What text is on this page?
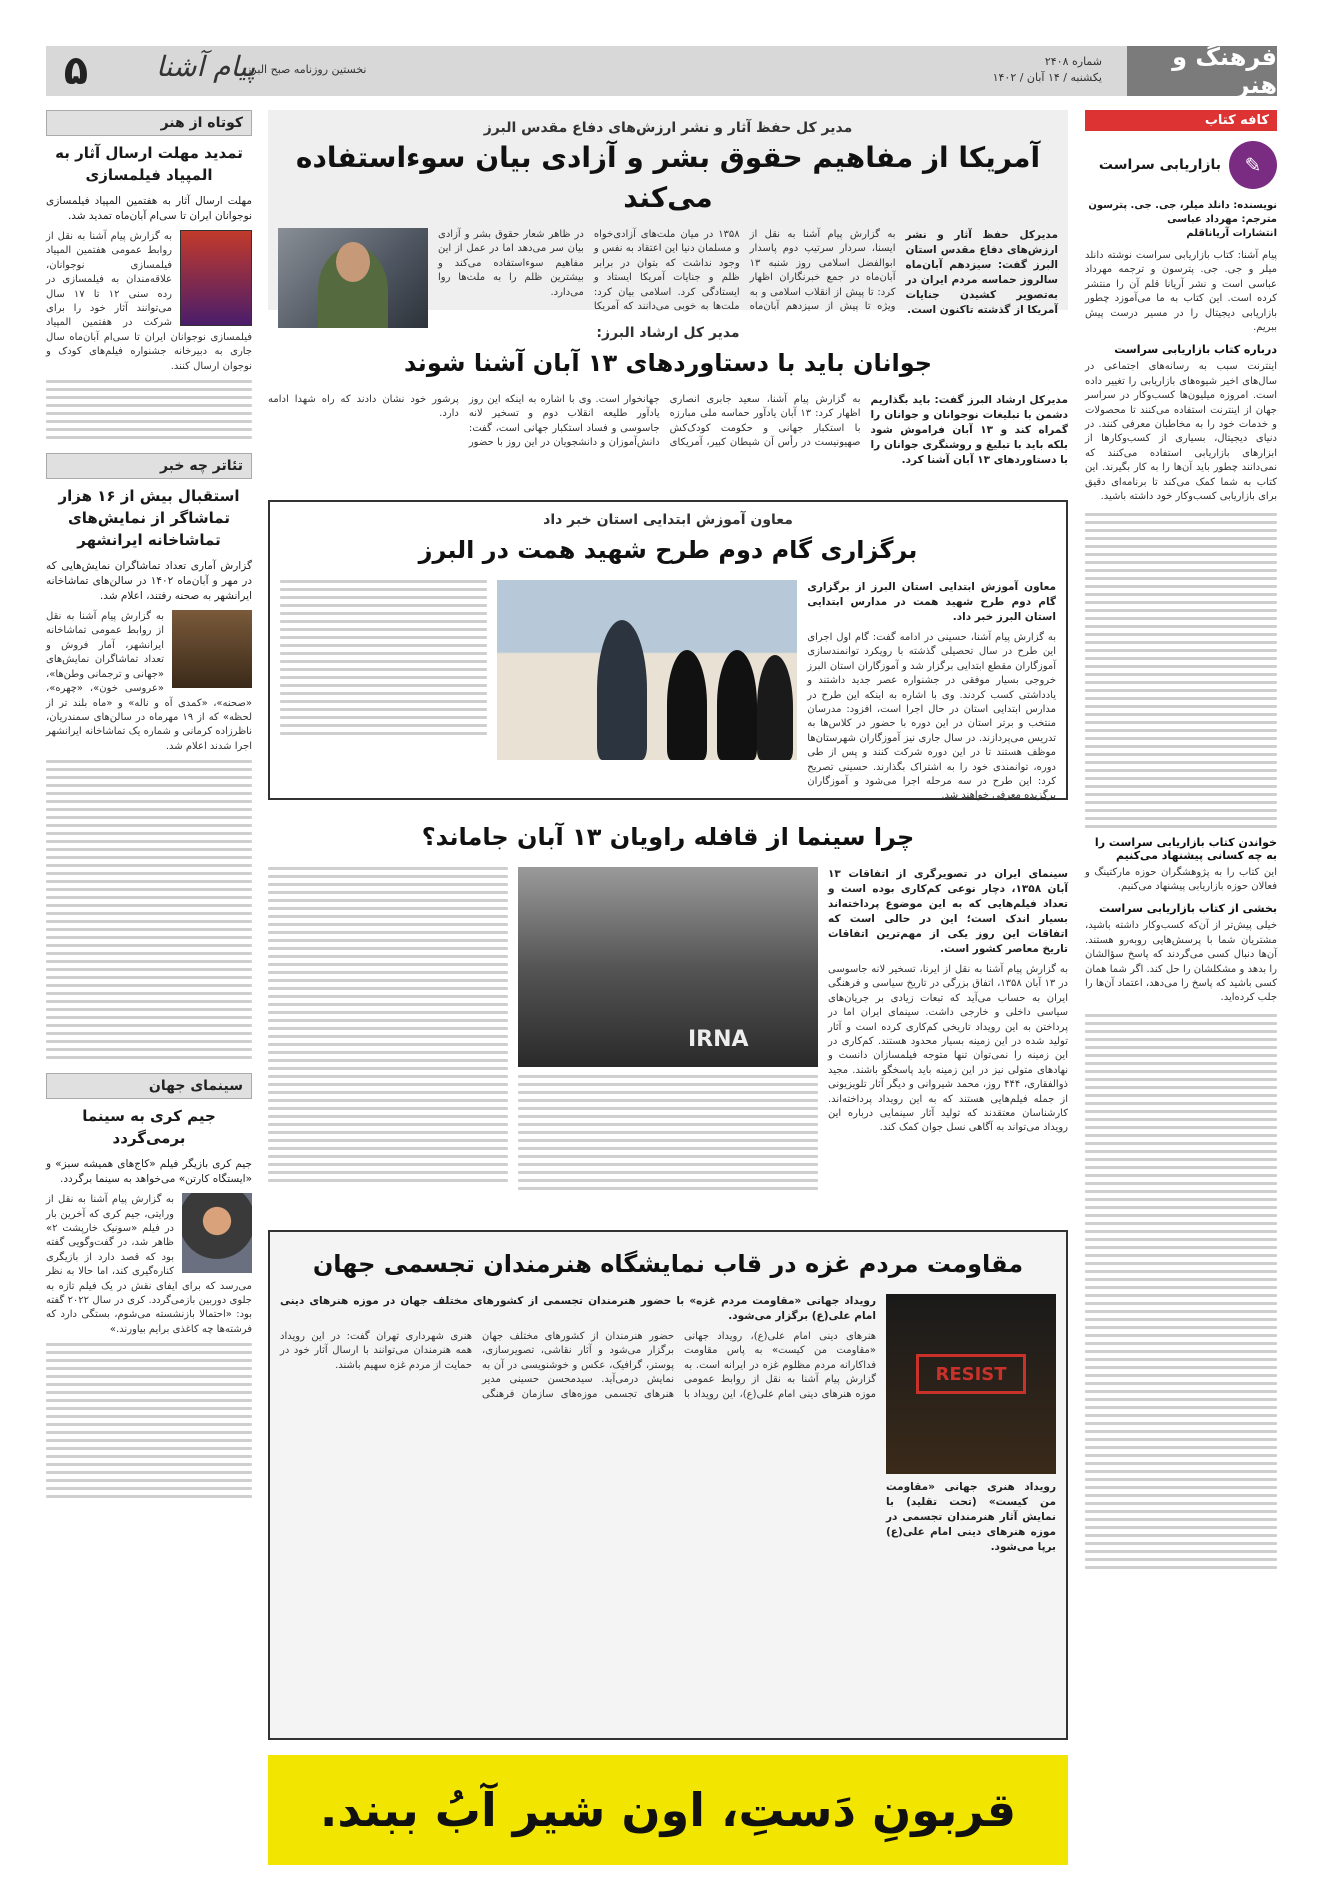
فرهنگ و هنر
شماره ۲۴۰۸
یکشنبه / ۱۴ آبان / ۱۴۰۲
نخستین روزنامه صبح البرز
پیام آشنا
۵
کافه کتاب
✎
بازاریابی سراست
نویسنده: دانلد میلر، جی. جی. پترسون
مترجم: مهرداد عباسی
انتشارات آریاناقلم

پیام آشنا: کتاب بازاریابی سراست نوشته دانلد میلر و جی. جی. پترسون و ترجمه مهرداد عباسی است و نشر آریانا قلم آن را منتشر کرده است. این کتاب به ما می‌آموزد چطور بازاریابی دیجیتال را در مسیر درست پیش ببریم.

درباره کتاب بازاریابی سراست

اینترنت سبب به رسانه‌های اجتماعی در سال‌های اخیر شیوه‌های بازاریابی را تغییر داده است. امروزه میلیون‌ها کسب‌وکار در سراسر جهان از اینترنت استفاده می‌کنند تا محصولات و خدمات خود را به مخاطبان معرفی کنند. در دنیای دیجیتال، بسیاری از کسب‌وکارها از ابزارهای بازاریابی استفاده می‌کنند که نمی‌دانند چطور باید آن‌ها را به کار بگیرند. این کتاب به شما کمک می‌کند تا برنامه‌ای دقیق برای بازاریابی کسب‌وکار خود داشته باشید.

خواندن کتاب بازاریابی سراست را به چه کسانی پیشنهاد می‌کنیم

این کتاب را به پژوهشگران حوزه مارکتینگ و فعالان حوزه بازاریابی پیشنهاد می‌کنیم.

بخشی از کتاب بازاریابی سراست

خیلی پیش‌تر از آن‌که کسب‌وکار داشته باشید، مشتریان شما با پرسش‌هایی روبه‌رو هستند. آن‌ها دنبال کسی می‌گردند که پاسخ سؤالشان را بدهد و مشکلشان را حل کند. اگر شما همان کسی باشید که پاسخ را می‌دهد، اعتماد آن‌ها را جلب کرده‌اید.

کوتاه از هنر
تمدید مهلت ارسال آثار به المپیاد فیلمسازی

مهلت ارسال آثار به هفتمین المپیاد فیلمسازی نوجوانان ایران تا سی‌ام آبان‌ماه تمدید شد.

به گزارش پیام آشنا به نقل از روابط عمومی هفتمین المپیاد فیلمسازی نوجوانان، علاقه‌مندان به فیلمسازی در رده سنی ۱۲ تا ۱۷ سال می‌توانند آثار خود را برای شرکت در هفتمین المپیاد فیلمسازی نوجوانان ایران تا سی‌ام آبان‌ماه سال جاری به دبیرخانه جشنواره فیلم‌های کودک و نوجوان ارسال کنند.

تئاتر چه خبر
استقبال بیش از ۱۶ هزار تماشاگر از نمایش‌های تماشاخانه ایرانشهر

گزارش آماری تعداد تماشاگران نمایش‌هایی که در مهر و آبان‌ماه ۱۴۰۲ در سالن‌های تماشاخانه ایرانشهر به صحنه رفتند، اعلام شد.

به گزارش پیام آشنا به نقل از روابط عمومی تماشاخانه ایرانشهر، آمار فروش و تعداد تماشاگران نمایش‌های «جهانی و ترجمانی وطن‌ها»، «عروسی خون»، «چهره»، «صحنه»، «کمدی آه و ناله» و «ماه بلند تر از لحظه» که از ۱۹ مهرماه در سالن‌های سمندریان، ناظرزاده کرمانی و شماره یک تماشاخانه ایرانشهر اجرا شدند اعلام شد.

سینمای جهان
جیم کری به سینما برمی‌گردد

جیم کری بازیگر فیلم «کاج‌های همیشه سبز» و «ایستگاه کارتن» می‌خواهد به سینما برگردد.

به گزارش پیام آشنا به نقل از ورایتی، جیم کری که آخرین بار در فیلم «سونیک خارپشت ۲» ظاهر شد، در گفت‌وگویی گفته بود که قصد دارد از بازیگری کناره‌گیری کند، اما حالا به نظر می‌رسد که برای ایفای نقش در یک فیلم تازه به جلوی دوربین بازمی‌گردد. کری در سال ۲۰۲۲ گفته بود: «احتمالا بازنشسته می‌شوم، بستگی دارد که فرشته‌ها چه کاغذی برایم بیاورند.»

مدیر کل حفظ آثار و نشر ارزش‌های دفاع مقدس البرز
آمریکا از مفاهیم حقوق بشر و آزادی بیان سوءاستفاده می‌کند

مدیرکل حفظ آثار و نشر ارزش‌های دفاع مقدس استان البرز گفت: سیزدهم آبان‌ماه سالروز حماسه مردم ایران در به‌تصویر کشیدن جنایات آمریکا از گذشته تاکنون است.

به گزارش پیام آشنا به نقل از ایسنا، سردار سرتیپ دوم پاسدار ابوالفضل اسلامی روز شنبه ۱۳ آبان‌ماه در جمع خبرنگاران اظهار کرد: تا پیش از انقلاب اسلامی و به ویژه تا پیش از سیزدهم آبان‌ماه ۱۳۵۸ در میان ملت‌های آزادی‌خواه و مسلمان دنیا این اعتقاد به نفس و وجود نداشت که بتوان در برابر ظلم و جنایات آمریکا ایستاد و ایستادگی کرد. اسلامی بیان کرد: ملت‌ها به خوبی می‌دانند که آمریکا در ظاهر شعار حقوق بشر و آزادی بیان سر می‌دهد اما در عمل از این مفاهیم سوءاستفاده می‌کند و بیشترین ظلم را به ملت‌ها روا می‌دارد.

مدیر کل ارشاد البرز:
جوانان باید با دستاوردهای ۱۳ آبان آشنا شوند

مدیرکل ارشاد البرز گفت: باید بگذاریم دشمن با تبلیغات نوجوانان و جوانان را گمراه کند و ۱۳ آبان فراموش شود بلکه باید با تبلیغ و روشنگری جوانان را با دستاوردهای ۱۳ آبان آشنا کرد.

به گزارش پیام آشنا، سعید جابری انصاری اظهار کرد: ۱۳ آبان یادآور حماسه ملی مبارزه با استکبار جهانی و حکومت کودک‌کش صهیونیست در رأس آن شیطان کبیر، آمریکای جهانخوار است. وی با اشاره به اینکه این روز یادآور طلیعه انقلاب دوم و تسخیر لانه جاسوسی و فساد استکبار جهانی است، گفت: دانش‌آموزان و دانشجویان در این روز با حضور پرشور خود نشان دادند که راه شهدا ادامه دارد.

معاون آموزش ابتدایی استان خبر داد
برگزاری گام دوم طرح شهید همت در البرز

معاون آموزش ابتدایی استان البرز از برگزاری گام دوم طرح شهید همت در مدارس ابتدایی استان البرز خبر داد.

به گزارش پیام آشنا، حسینی در ادامه گفت: گام اول اجرای این طرح در سال تحصیلی گذشته با رویکرد توانمندسازی آموزگاران مقطع ابتدایی برگزار شد و آموزگاران استان البرز خروجی بسیار موفقی در جشنواره عصر جدید داشتند و یادداشتی کسب کردند. وی با اشاره به اینکه این طرح در مدارس ابتدایی استان در حال اجرا است، افزود: مدرسان منتخب و برتر استان در این دوره با حضور در کلاس‌ها به تدریس می‌پردازند. در سال جاری نیز آموزگاران شهرستان‌ها موظف هستند تا در این دوره شرکت کنند و پس از طی دوره، توانمندی خود را به اشتراک بگذارند. حسینی تصریح کرد: این طرح در سه مرحله اجرا می‌شود و آموزگاران برگزیده معرفی خواهند شد.

چرا سینما از قافله راویان ۱۳ آبان جاماند؟

سینمای ایران در تصویرگری از اتفاقات ۱۳ آبان ۱۳۵۸، دچار نوعی کم‌کاری بوده است و تعداد فیلم‌هایی که به این موضوع پرداخته‌اند بسیار اندک است؛ این در حالی است که اتفاقات این روز یکی از مهم‌ترین اتفاقات تاریخ معاصر کشور است.

به گزارش پیام آشنا به نقل از ایرنا، تسخیر لانه جاسوسی در ۱۳ آبان ۱۳۵۸، اتفاق بزرگی در تاریخ سیاسی و فرهنگی ایران به حساب می‌آید که تبعات زیادی بر جریان‌های سیاسی داخلی و خارجی داشت. سینمای ایران اما در پرداختن به این رویداد تاریخی کم‌کاری کرده است و آثار تولید شده در این زمینه بسیار محدود هستند. کم‌کاری در این زمینه را نمی‌توان تنها متوجه فیلمسازان دانست و نهادهای متولی نیز در این زمینه باید پاسخگو باشند. مجید ذوالفقاری، ۴۴۴ روز، محمد شیروانی و دیگر آثار تلویزیونی از جمله فیلم‌هایی هستند که به این رویداد پرداخته‌اند. کارشناسان معتقدند که تولید آثار سینمایی درباره این رویداد می‌تواند به آگاهی نسل جوان کمک کند.

IRNA
مقاومت مردم غزه در قاب نمایشگاه هنرمندان تجسمی جهان
RESIST

رویداد هنری جهانی «مقاومت من کیست» (تحت تقلید) با نمایش آثار هنرمندان تجسمی در موزه هنرهای دینی امام علی(ع) برپا می‌شود.

رویداد جهانی «مقاومت مردم غزه» با حضور هنرمندان تجسمی از کشورهای مختلف جهان در موزه هنرهای دینی امام علی(ع) برگزار می‌شود.

هنرهای دینی امام علی(ع)، رویداد جهانی «مقاومت من کیست» به پاس مقاومت فداکارانه مردم مظلوم غزه در ایرانه است. به گزارش پیام آشنا به نقل از روابط عمومی موزه هنرهای دینی امام علی(ع)، این رویداد با حضور هنرمندان از کشورهای مختلف جهان برگزار می‌شود و آثار نقاشی، تصویرسازی، پوستر، گرافیک، عکس و خوشنویسی در آن به نمایش درمی‌آید. سیدمحسن حسینی مدیر هنرهای تجسمی موزه‌های سازمان فرهنگی هنری شهرداری تهران گفت: در این رویداد همه هنرمندان می‌توانند با ارسال آثار خود در حمایت از مردم غزه سهیم باشند.

قربونِ دَستِ، اون شیر آبُ ببند.
